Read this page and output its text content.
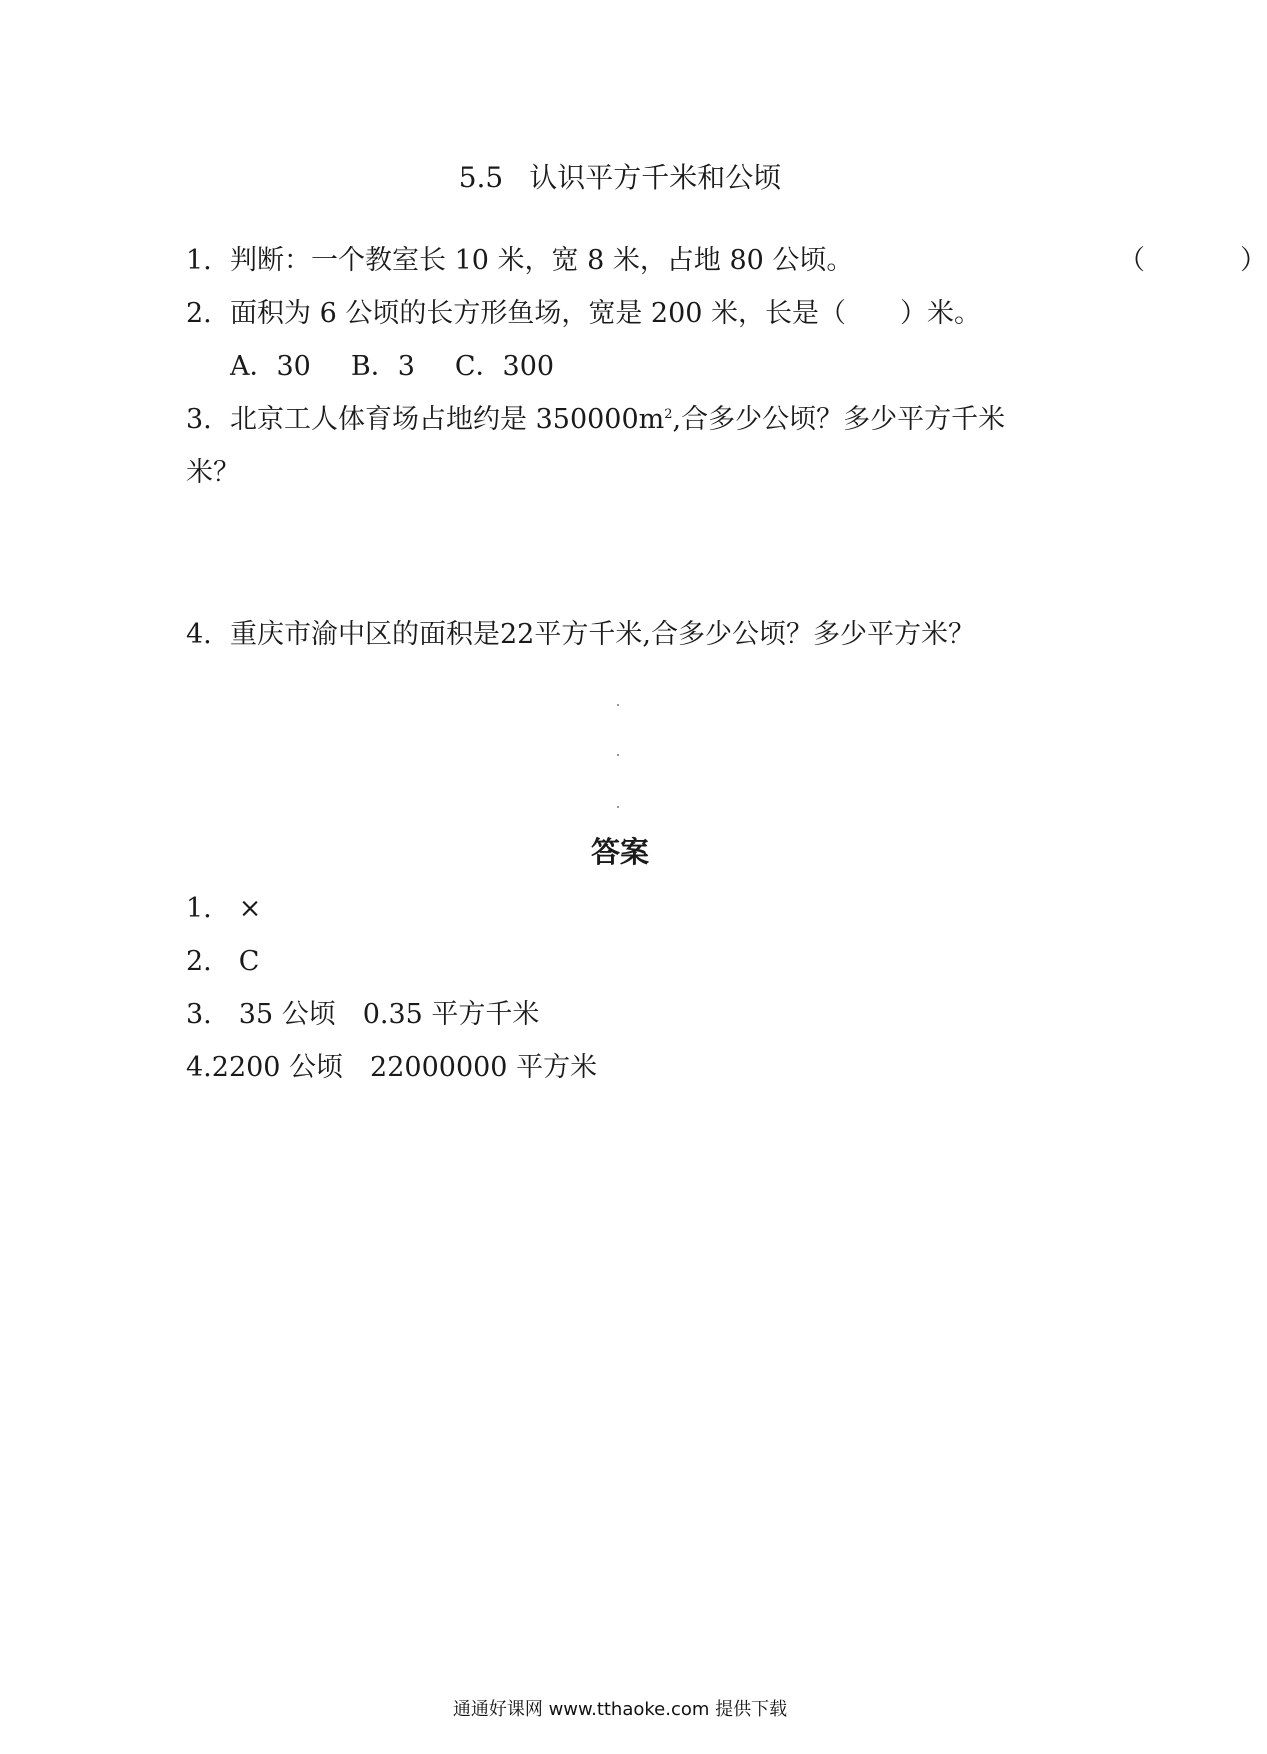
5.5 认识平方千米和公顷
1. 判断：一个教室长 10 米，宽 8 米，占地 80 公顷。	（	）
2. 面积为 6 公顷的长方形鱼场，宽是 200 米，长是（　　）米。
A．30 B．3 C．300
3. 北京工人体育场占地约是 $350000m^2$,合多少公顷？多少平方千米
米？
4. 重庆市渝中区的面积是22平方千米,合多少公顷？多少平方米？
答案
1.　×
2.　C
3.　35 公顷　0.35 平方千米
4.2200 公顷　22000000 平方米
通通好课网 www.tthaoke.com 提供下载
